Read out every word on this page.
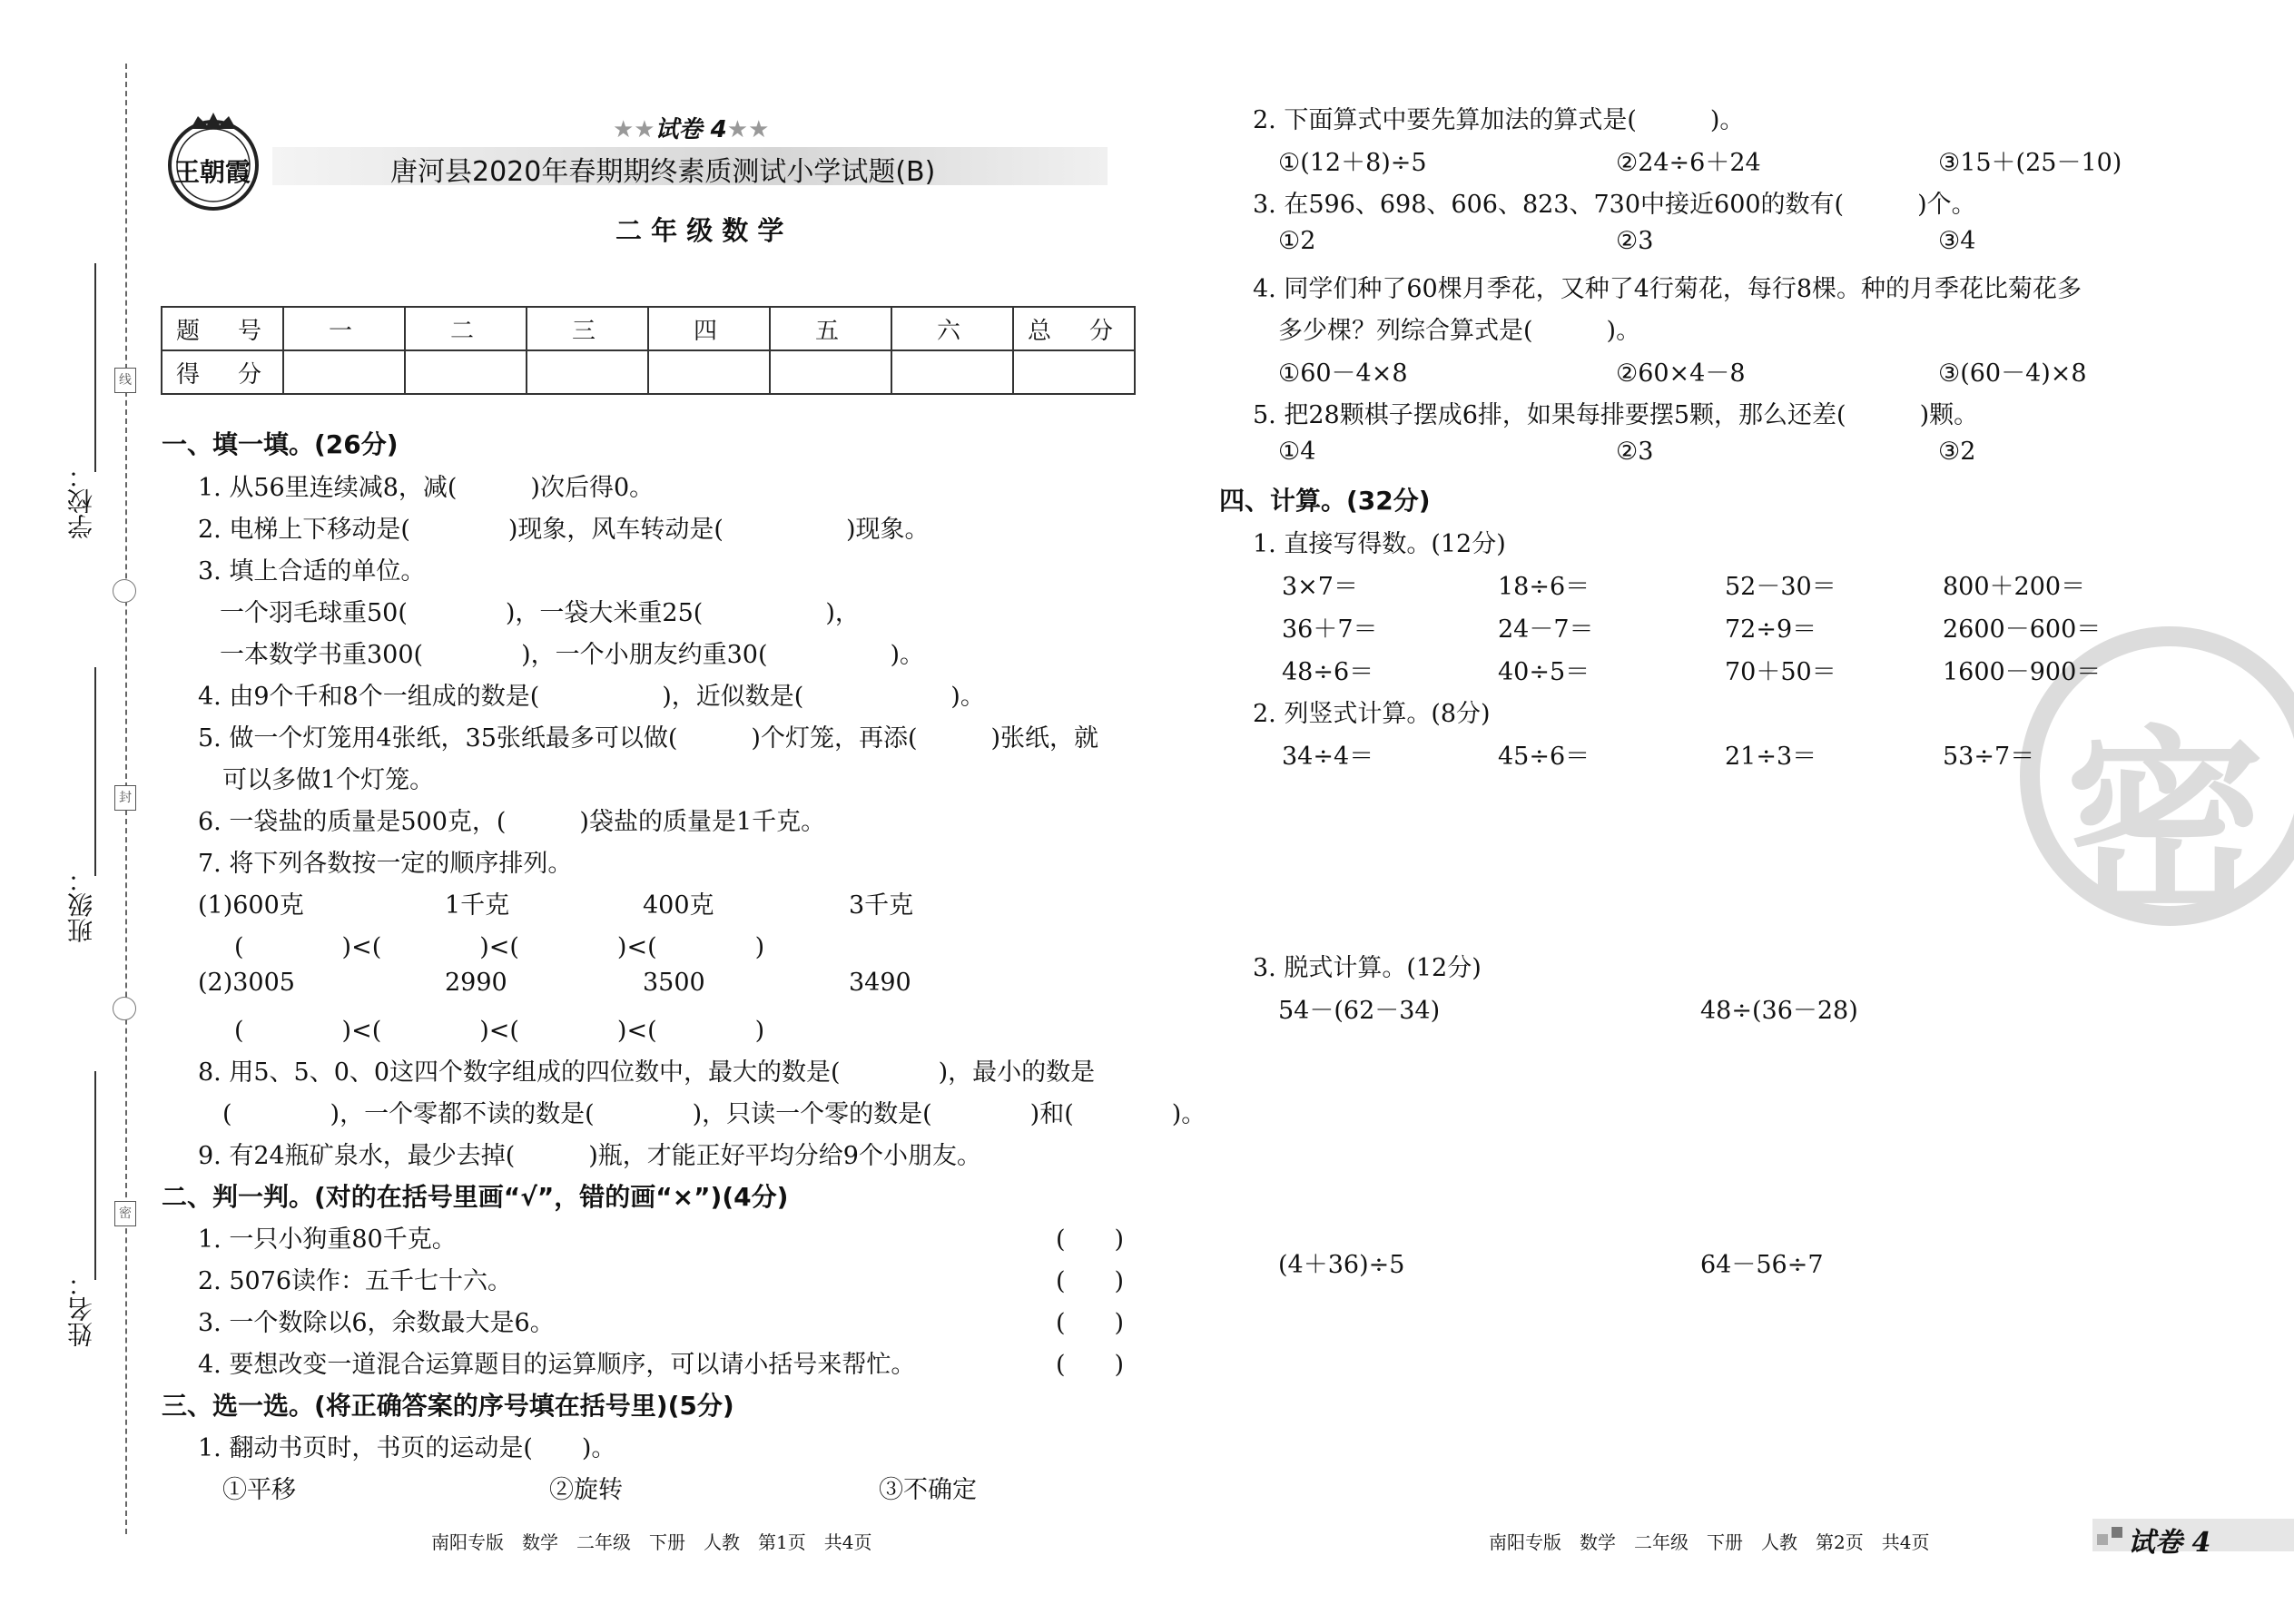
线
封
密
学校：
班级：
姓名：
王朝霞
★★试卷 4★★
唐河县2020年春期期终素质测试小学试题(B)
二 年 级 数 学
题　号	一	二	三	四	五	六	总　分
得　分							
一、填一填。(26分)
1. 从56里连续减8，减(　　　)次后得0。
2. 电梯上下移动是(　　　　)现象，风车转动是(　　　　　)现象。
3. 填上合适的单位。
一个羽毛球重50(　　　　)，一袋大米重25(　　　　　)，
一本数学书重300(　　　　)，一个小朋友约重30(　　　　　)。
4. 由9个千和8个一组成的数是(　　　　　)，近似数是(　　　　　　)。
5. 做一个灯笼用4张纸，35张纸最多可以做(　　　)个灯笼，再添(　　　)张纸，就
可以多做1个灯笼。
6. 一袋盐的质量是500克，(　　　)袋盐的质量是1千克。
7. 将下列各数按一定的顺序排列。
(1)600克	1千克	400克	3千克
(　　　　)<(　　　　)<(　　　　)<(　　　　)
(2)3005	2990	3500	3490
(　　　　)<(　　　　)<(　　　　)<(　　　　)
8. 用5、5、0、0这四个数字组成的四位数中，最大的数是(　　　　)，最小的数是
(　　　　)，一个零都不读的数是(　　　　)，只读一个零的数是(　　　　)和(　　　　)。
9. 有24瓶矿泉水，最少去掉(　　　)瓶，才能正好平均分给9个小朋友。
二、判一判。(对的在括号里画“√”，错的画“×”)(4分)
1. 一只小狗重80千克。	(　　)
2. 5076读作：五千七十六。	(　　)
3. 一个数除以6，余数最大是6。	(　　)
4. 要想改变一道混合运算题目的运算顺序，可以请小括号来帮忙。	(　　)
三、选一选。(将正确答案的序号填在括号里)(5分)
1. 翻动书页时，书页的运动是(　　)。
①平移	②旋转	③不确定
南阳专版　数学　二年级　下册　人教　第1页　共4页
密
2. 下面算式中要先算加法的算式是(　　　)。
①(12＋8)÷5	②24÷6＋24	③15＋(25－10)
3. 在596、698、606、823、730中接近600的数有(　　　)个。
①2	②3	③4
4. 同学们种了60棵月季花，又种了4行菊花，每行8棵。种的月季花比菊花多
多少棵？列综合算式是(　　　)。
①60－4×8	②60×4－8	③(60－4)×8
5. 把28颗棋子摆成6排，如果每排要摆5颗，那么还差(　　　)颗。
①4	②3	③2
四、计算。(32分)
1. 直接写得数。(12分)
3×7＝	18÷6＝	52－30＝	800＋200＝
36＋7＝	24－7＝	72÷9＝	2600－600＝
48÷6＝	40÷5＝	70＋50＝	1600－900＝
2. 列竖式计算。(8分)
34÷4＝	45÷6＝	21÷3＝	53÷7＝
3. 脱式计算。(12分)
54－(62－34)	48÷(36－28)
(4＋36)÷5	64－56÷7
南阳专版　数学　二年级　下册　人教　第2页　共4页	试卷 4
